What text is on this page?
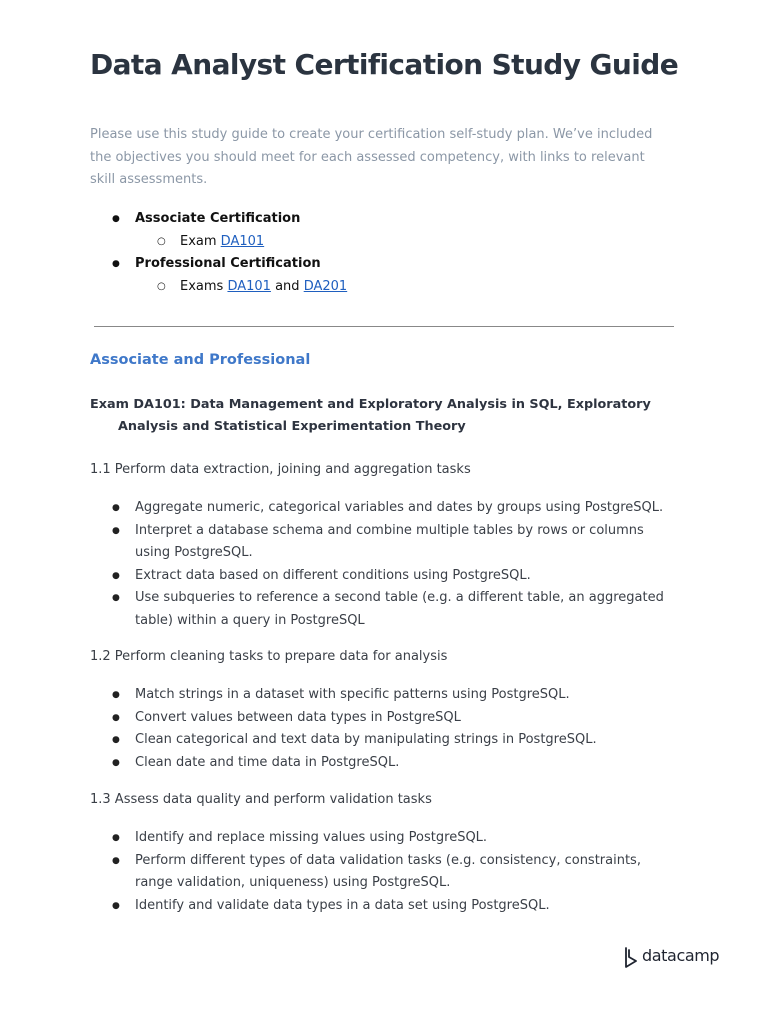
Data Analyst Certification Study Guide
Please use this study guide to create your certification self-study plan. We’ve included the objectives you should meet for each assessed competency, with links to relevant skill assessments.
● Associate Certification
○ Exam DA101
● Professional Certification
○ Exams DA101 and DA201
Associate and Professional
Exam DA101: Data Management and Exploratory Analysis in SQL, Exploratory Analysis and Statistical Experimentation Theory
1.1 Perform data extraction, joining and aggregation tasks
● Aggregate numeric, categorical variables and dates by groups using PostgreSQL.
● Interpret a database schema and combine multiple tables by rows or columns using PostgreSQL.
● Extract data based on different conditions using PostgreSQL.
● Use subqueries to reference a second table (e.g. a different table, an aggregated table) within a query in PostgreSQL
1.2 Perform cleaning tasks to prepare data for analysis
● Match strings in a dataset with specific patterns using PostgreSQL.
● Convert values between data types in PostgreSQL
● Clean categorical and text data by manipulating strings in PostgreSQL.
● Clean date and time data in PostgreSQL.
1.3 Assess data quality and perform validation tasks
● Identify and replace missing values using PostgreSQL.
● Perform different types of data validation tasks (e.g. consistency, constraints, range validation, uniqueness) using PostgreSQL.
● Identify and validate data types in a data set using PostgreSQL.
datacamp
